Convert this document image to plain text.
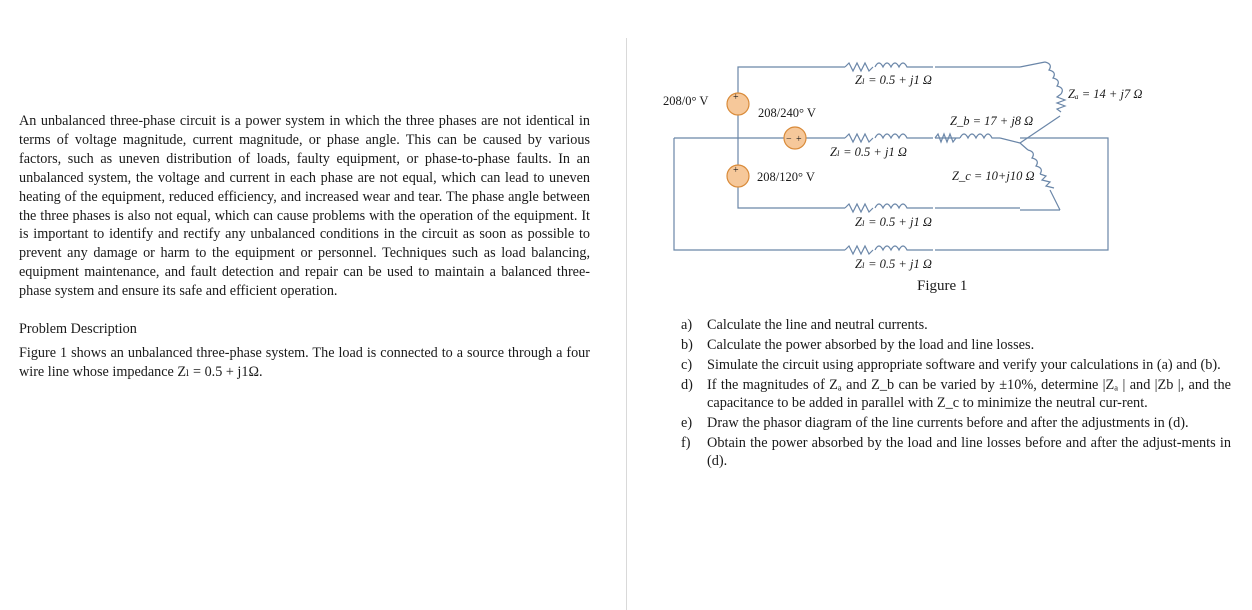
An unbalanced three-phase circuit is a power system in which the three phases are not identical in terms of voltage magnitude, current magnitude, or phase angle. This can be caused by various factors, such as uneven distribution of loads, faulty equipment, or phase-to-phase faults. In an unbalanced system, the voltage and current in each phase are not equal, which can lead to uneven heating of the equipment, reduced efficiency, and increased wear and tear. The phase angle between the three phases is also not equal, which can cause problems with the operation of the equipment. It is important to identify and rectify any unbalanced conditions in the circuit as soon as possible to prevent any damage or harm to the equipment or personnel. Techniques such as load balancing, equipment maintenance, and fault detection and repair can be used to maintain a balanced three-phase system and ensure its safe and efficient operation.

Problem Description

Figure 1 shows an unbalanced three-phase system. The load is connected to a source through a four wire line whose impedance Zₗ = 0.5 + j1Ω.

+
− +
+
208/0° V
208/240° V
208/120° V
Zₗ = 0.5 + j1 Ω
Zₗ = 0.5 + j1 Ω
Zₗ = 0.5 + j1 Ω
Zₗ = 0.5 + j1 Ω
Zₐ = 14 + j7 Ω
Z_b = 17 + j8 Ω
Z_c = 10+j10 Ω
Figure 1
a) Calculate the line and neutral currents.
b) Calculate the power absorbed by the load and line losses.
c) Simulate the circuit using appropriate software and verify your calculations in (a) and (b).
d) If the magnitudes of Zₐ and Z_b can be varied by ±10%, determine |Zₐ | and |Zb |, and the capacitance to be added in parallel with Z_c to minimize the neutral cur-rent.
e) Draw the phasor diagram of the line currents before and after the adjustments in (d).
f) Obtain the power absorbed by the load and line losses before and after the adjust-ments in (d).
